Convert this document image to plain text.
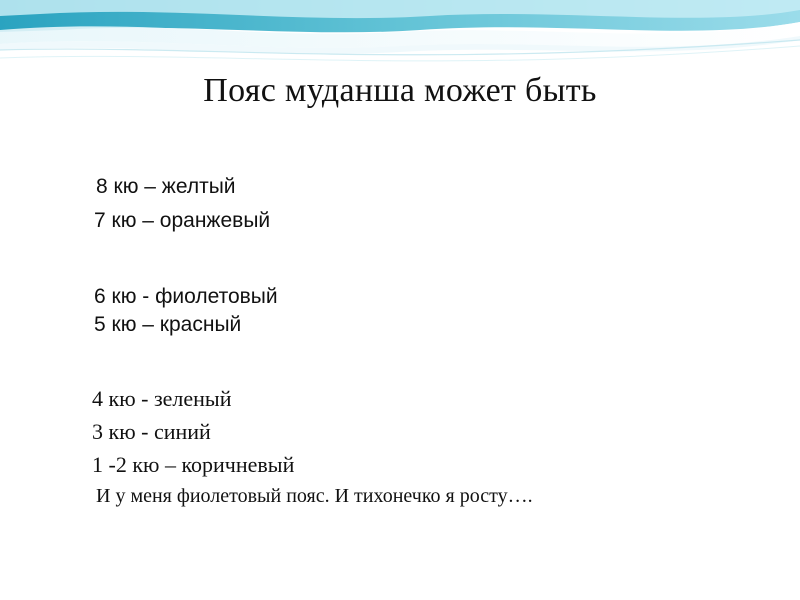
Пояс муданша может быть
8 кю – желтый
7 кю – оранжевый
6 кю - фиолетовый
5 кю – красный
4 кю - зеленый
3 кю - синий
1 -2 кю – коричневый
И у меня фиолетовый пояс. И тихонечко я росту….
